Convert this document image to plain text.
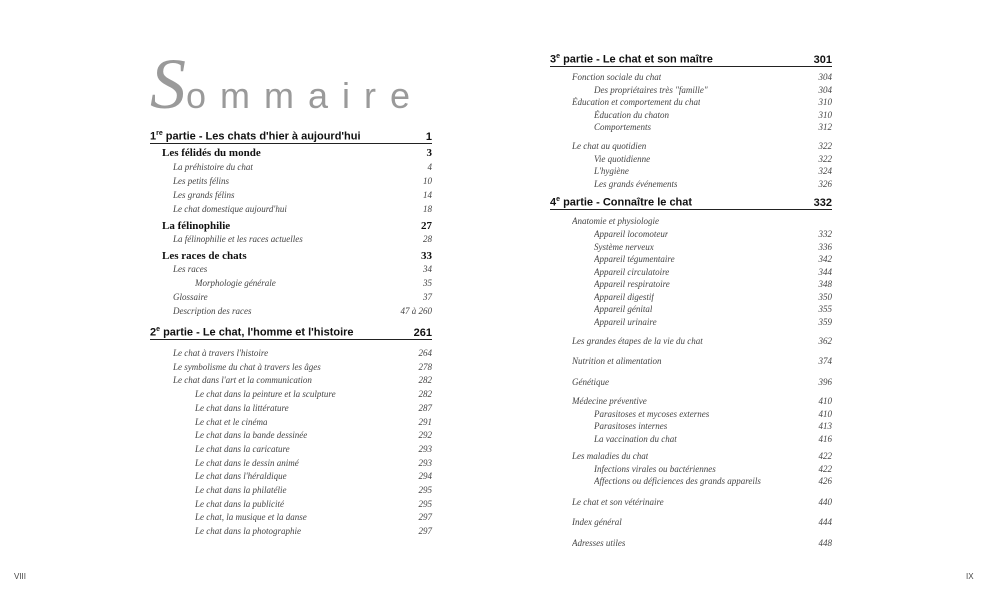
Sommaire
1re partie - Les chats d'hier à aujourd'hui	1
Les félidés du monde	3
La préhistoire du chat	4
Les petits félins	10
Les grands félins	14
Le chat domestique aujourd'hui	18
La félinophilie	27
La félinophilie et les races actuelles	28
Les races de chats	33
Les races	34
Morphologie générale	35
Glossaire	37
Description des races	47 à 260
2e partie - Le chat, l'homme et l'histoire	261
Le chat à travers l'histoire	264
Le symbolisme du chat à travers les âges	278
Le chat dans l'art et la communication	282
Le chat dans la peinture et la sculpture	282
Le chat dans la littérature	287
Le chat et le cinéma	291
Le chat dans la bande dessinée	292
Le chat dans la caricature	293
Le chat dans le dessin animé	293
Le chat dans l'héraldique	294
Le chat dans la philatélie	295
Le chat dans la publicité	295
Le chat, la musique et la danse	297
Le chat dans la photographie	297
3e partie - Le chat et son maître	301
Fonction sociale du chat	304
Des propriétaires très "famille"	304
Éducation et comportement du chat	310
Éducation du chaton	310
Comportements	312
Le chat au quotidien	322
Vie quotidienne	322
L'hygiène	324
Les grands événements	326
4e partie - Connaître le chat	332
Anatomie et physiologie
Appareil locomoteur	332
Système nerveux	336
Appareil tégumentaire	342
Appareil circulatoire	344
Appareil respiratoire	348
Appareil digestif	350
Appareil génital	355
Appareil urinaire	359
Les grandes étapes de la vie du chat	362
Nutrition et alimentation	374
Génétique	396
Médecine préventive	410
Parasitoses et mycoses externes	410
Parasitoses internes	413
La vaccination du chat	416
Les maladies du chat	422
Infections virales ou bactériennes	422
Affections ou déficiences des grands appareils	426
Le chat et son vétérinaire	440
Index général	444
Adresses utiles	448
VIII	IX
